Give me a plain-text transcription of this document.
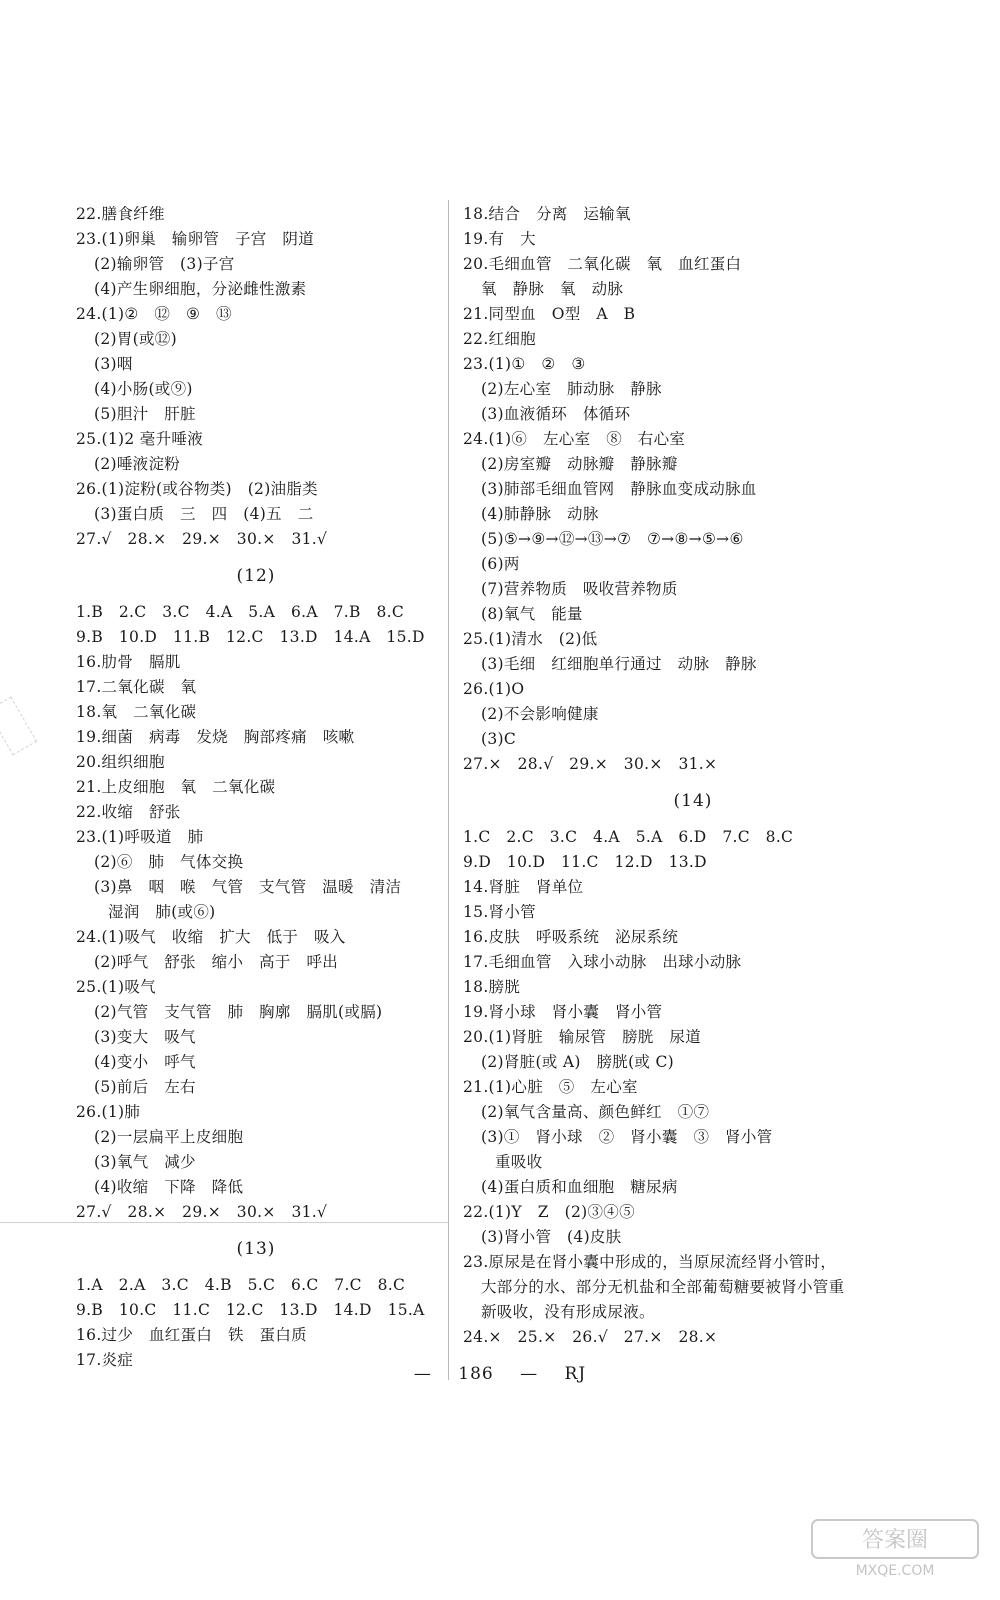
22.膳食纤维
23.(1)卵巢　输卵管　子宫　阴道
(2)输卵管　(3)子宫
(4)产生卵细胞，分泌雌性激素
24.(1)②　⑫　⑨　⑬
(2)胃(或⑫)
(3)咽
(4)小肠(或⑨)
(5)胆汁　肝脏
25.(1)2 毫升唾液
(2)唾液淀粉
26.(1)淀粉(或谷物类)　(2)油脂类
(3)蛋白质　三　四　(4)五　二
27.√　28.×　29.×　30.×　31.√
(12)
1.B　2.C　3.C　4.A　5.A　6.A　7.B　8.C
9.B　10.D　11.B　12.C　13.D　14.A　15.D
16.肋骨　膈肌
17.二氧化碳　氧
18.氧　二氧化碳
19.细菌　病毒　发烧　胸部疼痛　咳嗽
20.组织细胞
21.上皮细胞　氧　二氧化碳
22.收缩　舒张
23.(1)呼吸道　肺
(2)⑥　肺　气体交换
(3)鼻　咽　喉　气管　支气管　温暖　清洁
湿润　肺(或⑥)
24.(1)吸气　收缩　扩大　低于　吸入
(2)呼气　舒张　缩小　高于　呼出
25.(1)吸气
(2)气管　支气管　肺　胸廓　膈肌(或膈)
(3)变大　吸气
(4)变小　呼气
(5)前后　左右
26.(1)肺
(2)一层扁平上皮细胞
(3)氧气　减少
(4)收缩　下降　降低
27.√　28.×　29.×　30.×　31.√
(13)
1.A　2.A　3.C　4.B　5.C　6.C　7.C　8.C
9.B　10.C　11.C　12.C　13.D　14.D　15.A
16.过少　血红蛋白　铁　蛋白质
17.炎症
18.结合　分离　运输氧
19.有　大
20.毛细血管　二氧化碳　氧　血红蛋白
氧　静脉　氧　动脉
21.同型血　O型　A　B
22.红细胞
23.(1)①　②　③
(2)左心室　肺动脉　静脉
(3)血液循环　体循环
24.(1)⑥　左心室　⑧　右心室
(2)房室瓣　动脉瓣　静脉瓣
(3)肺部毛细血管网　静脉血变成动脉血
(4)肺静脉　动脉
(5)⑤→⑨→⑫→⑬→⑦　⑦→⑧→⑤→⑥
(6)两
(7)营养物质　吸收营养物质
(8)氧气　能量
25.(1)清水　(2)低
(3)毛细　红细胞单行通过　动脉　静脉
26.(1)O
(2)不会影响健康
(3)C
27.×　28.√　29.×　30.×　31.×
(14)
1.C　2.C　3.C　4.A　5.A　6.D　7.C　8.C
9.D　10.D　11.C　12.D　13.D
14.肾脏　肾单位
15.肾小管
16.皮肤　呼吸系统　泌尿系统
17.毛细血管　入球小动脉　出球小动脉
18.膀胱
19.肾小球　肾小囊　肾小管
20.(1)肾脏　输尿管　膀胱　尿道
(2)肾脏(或 A)　膀胱(或 C)
21.(1)心脏　⑤　左心室
(2)氧气含量高、颜色鲜红　①⑦
(3)①　肾小球　②　肾小囊　③　肾小管
重吸收
(4)蛋白质和血细胞　糖尿病
22.(1)Y　Z　(2)③④⑤
(3)肾小管　(4)皮肤
23.原尿是在肾小囊中形成的，当原尿流经肾小管时，
大部分的水、部分无机盐和全部葡萄糖要被肾小管重新吸收，没有形成尿液。
24.×　25.×　26.√　27.×　28.×
— 186 — RJ
答案圈
MXQE.COM
